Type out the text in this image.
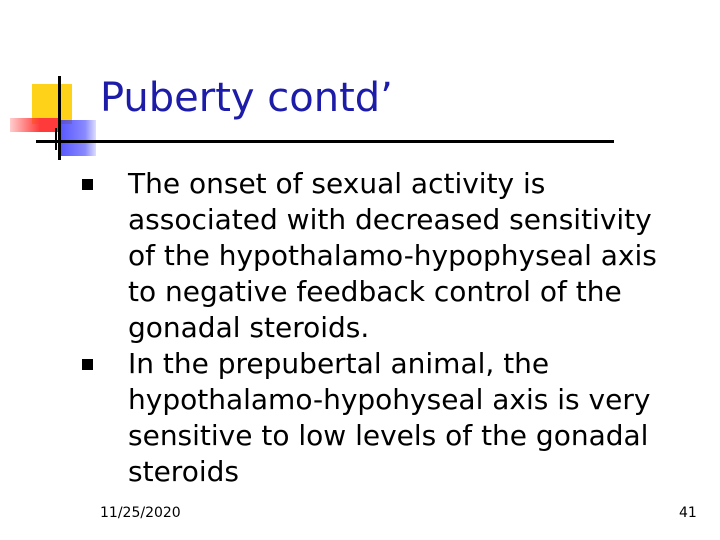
Puberty contd’
The onset of sexual activity is associated with decreased sensitivity of the hypothalamo-hypophyseal axis to negative feedback control of the gonadal steroids.
In the prepubertal animal, the hypothalamo-hypohyseal axis is very sensitive to low levels of the gonadal steroids
11/25/2020	41
